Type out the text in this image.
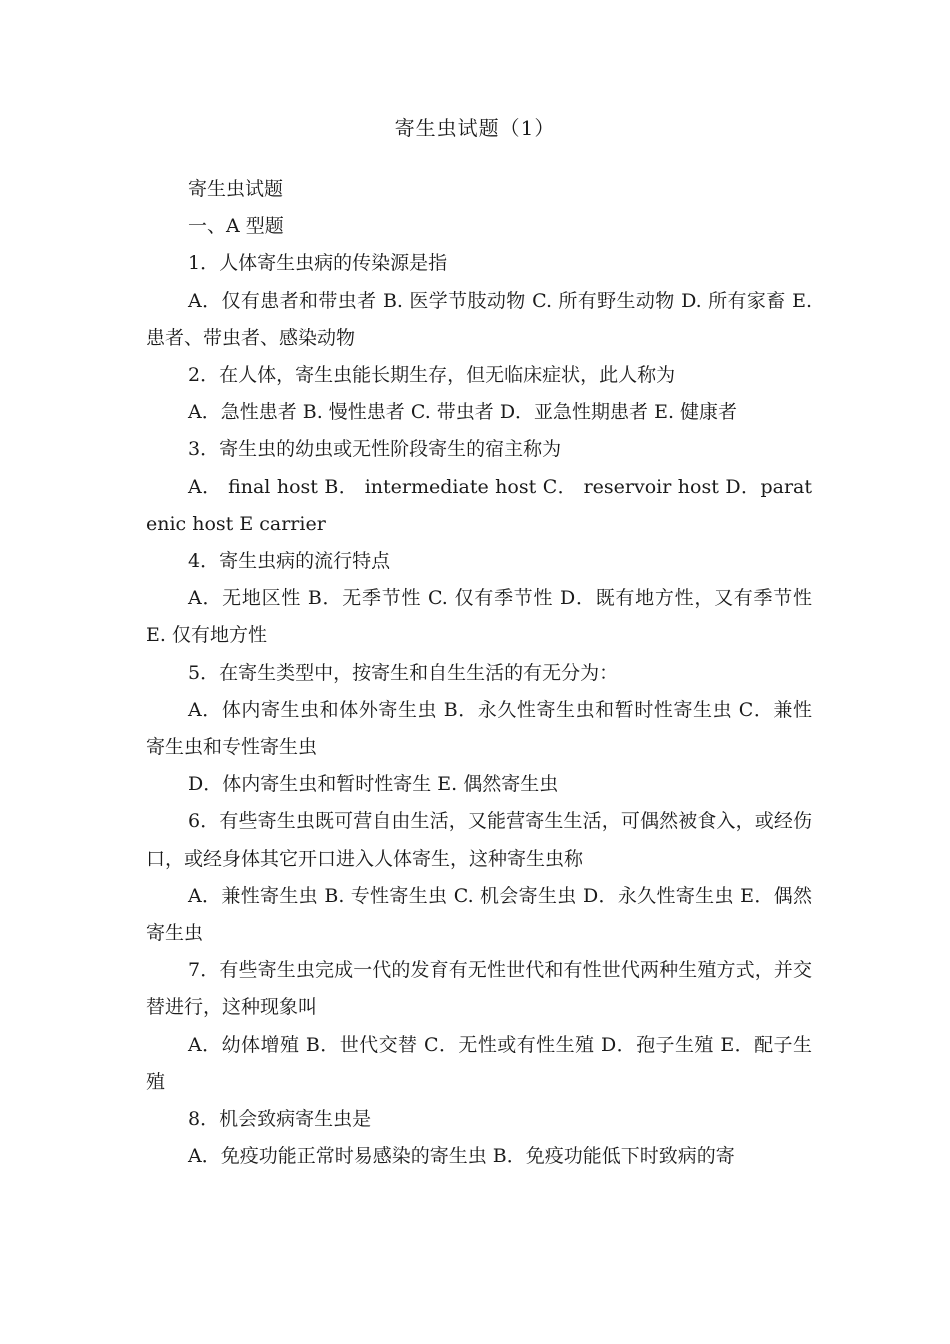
寄生虫试题（1）

寄生虫试题

一、A 型题

1．人体寄生虫病的传染源是指

A．仅有患者和带虫者 B. 医学节肢动物 C. 所有野生动物 D. 所有家畜 E. 患者、带虫者、感染动物

2．在人体，寄生虫能长期生存，但无临床症状，此人称为

A．急性患者 B. 慢性患者 C. 带虫者 D．亚急性期患者 E. 健康者

3．寄生虫的幼虫或无性阶段寄生的宿主称为

A． final host B． intermediate host C． reservoir host D．paratenic host E carrier

4．寄生虫病的流行特点

A．无地区性 B．无季节性 C. 仅有季节性 D．既有地方性，又有季节性 E. 仅有地方性

5．在寄生类型中，按寄生和自生生活的有无分为：

A．体内寄生虫和体外寄生虫 B．永久性寄生虫和暂时性寄生虫 C．兼性寄生虫和专性寄生虫

D．体内寄生虫和暂时性寄生 E. 偶然寄生虫

6．有些寄生虫既可营自由生活，又能营寄生生活，可偶然被食入，或经伤口，或经身体其它开口进入人体寄生，这种寄生虫称

A．兼性寄生虫 B. 专性寄生虫 C. 机会寄生虫 D．永久性寄生虫 E．偶然寄生虫

7．有些寄生虫完成一代的发育有无性世代和有性世代两种生殖方式，并交替进行，这种现象叫

A．幼体增殖 B．世代交替 C．无性或有性生殖 D．孢子生殖 E．配子生殖

8．机会致病寄生虫是

A．免疫功能正常时易感染的寄生虫 B．免疫功能低下时致病的寄
